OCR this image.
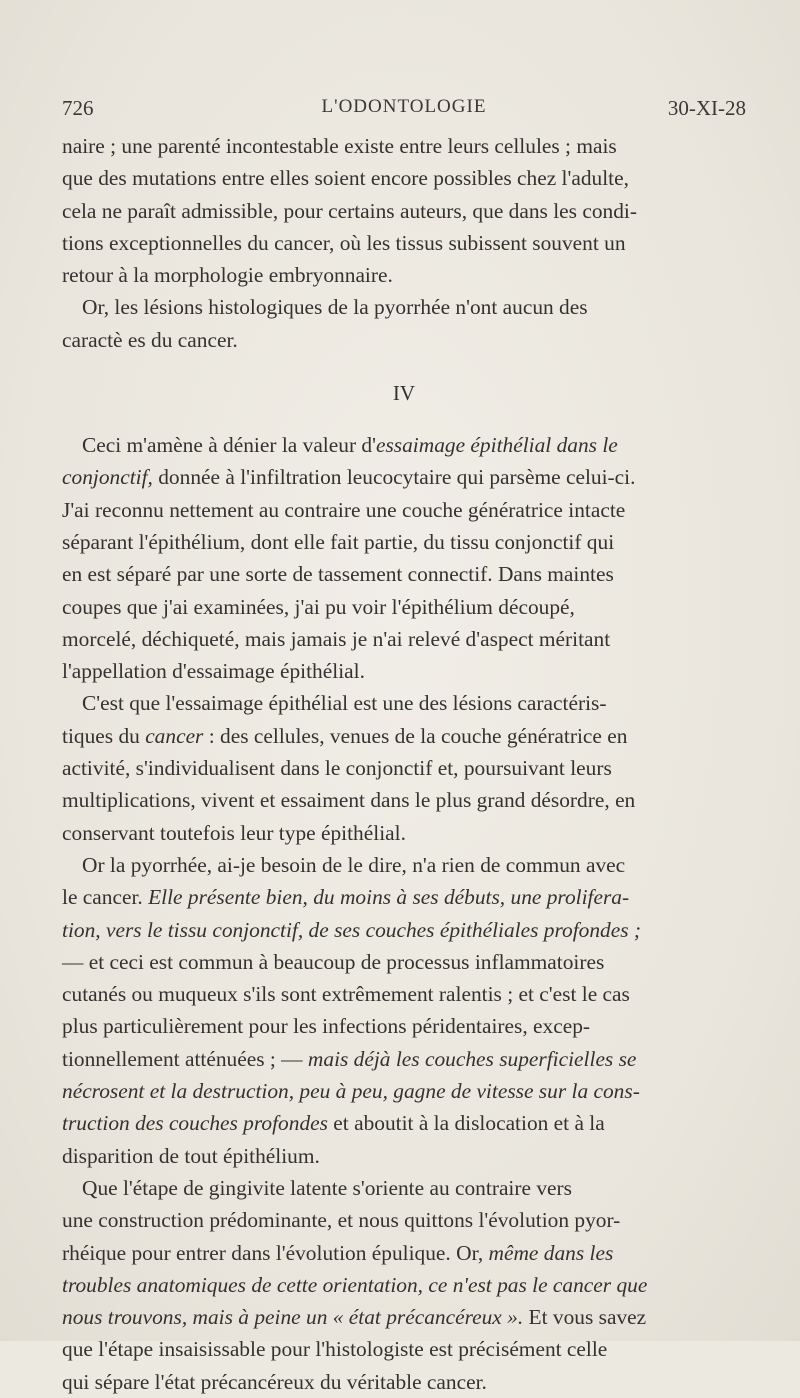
726	L'ODONTOLOGIE	30-XI-28

naire ; une parenté incontestable existe entre leurs cellules ; mais
que des mutations entre elles soient encore possibles chez l'adulte,
cela ne paraît admissible, pour certains auteurs, que dans les condi-
tions exceptionnelles du cancer, où les tissus subissent souvent un
retour à la morphologie embryonnaire.

Or, les lésions histologiques de la pyorrhée n'ont aucun des
caractè es du cancer.

IV

Ceci m'amène à dénier la valeur d'essaimage épithélial dans le
conjonctif, donnée à l'infiltration leucocytaire qui parsème celui-ci.
J'ai reconnu nettement au contraire une couche génératrice intacte
séparant l'épithélium, dont elle fait partie, du tissu conjonctif qui
en est séparé par une sorte de tassement connectif. Dans maintes
coupes que j'ai examinées, j'ai pu voir l'épithélium découpé,
morcelé, déchiqueté, mais jamais je n'ai relevé d'aspect méritant
l'appellation d'essaimage épithélial.

C'est que l'essaimage épithélial est une des lésions caractéris-
tiques du cancer : des cellules, venues de la couche génératrice en
activité, s'individualisent dans le conjonctif et, poursuivant leurs
multiplications, vivent et essaiment dans le plus grand désordre, en
conservant toutefois leur type épithélial.

Or la pyorrhée, ai-je besoin de le dire, n'a rien de commun avec
le cancer. Elle présente bien, du moins à ses débuts, une prolifera-
tion, vers le tissu conjonctif, de ses couches épithéliales profondes ;
— et ceci est commun à beaucoup de processus inflammatoires
cutanés ou muqueux s'ils sont extrêmement ralentis ; et c'est le cas
plus particulièrement pour les infections péridentaires, excep-
tionnellement atténuées ; — mais déjà les couches superficielles se
nécrosent et la destruction, peu à peu, gagne de vitesse sur la cons-
truction des couches profondes et aboutit à la dislocation et à la
disparition de tout épithélium.

Que l'étape de gingivite latente s'oriente au contraire vers
une construction prédominante, et nous quittons l'évolution pyor-
rhéique pour entrer dans l'évolution épulique. Or, même dans les
troubles anatomiques de cette orientation, ce n'est pas le cancer que
nous trouvons, mais à peine un « état précancéreux ». Et vous savez
que l'étape insaisissable pour l'histologiste est précisément celle
qui sépare l'état précancéreux du véritable cancer.
